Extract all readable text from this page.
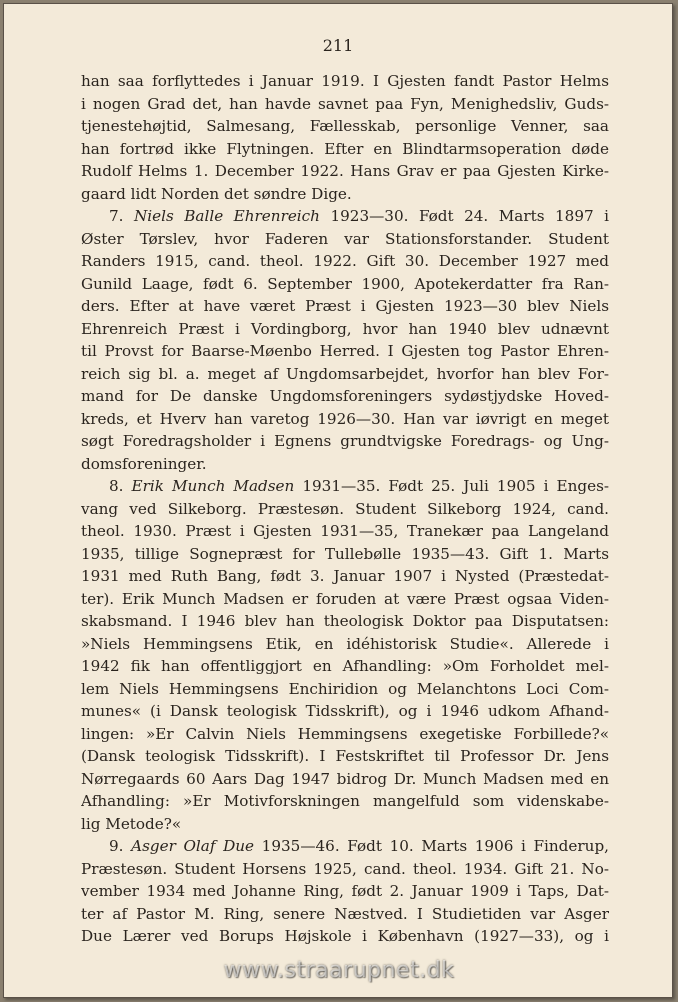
211
han saa forflyttedes i Januar 1919. I Gjesten fandt Pastor Helms
i nogen Grad det, han havde savnet paa Fyn, Menighedsliv, Guds-
tjenestehøjtid, Salmesang, Fællesskab, personlige Venner, saa
han fortrød ikke Flytningen. Efter en Blindtarmsoperation døde
Rudolf Helms 1. December 1922. Hans Grav er paa Gjesten Kirke-
gaard lidt Norden det søndre Dige.
7. Niels Balle Ehrenreich 1923—30. Født 24. Marts 1897 i
Øster Tørslev, hvor Faderen var Stationsforstander. Student
Randers 1915, cand. theol. 1922. Gift 30. December 1927 med
Gunild Laage, født 6. September 1900, Apotekerdatter fra Ran-
ders. Efter at have været Præst i Gjesten 1923—30 blev Niels
Ehrenreich Præst i Vordingborg, hvor han 1940 blev udnævnt
til Provst for Baarse-Møenbo Herred. I Gjesten tog Pastor Ehren-
reich sig bl. a. meget af Ungdomsarbejdet, hvorfor han blev For-
mand for De danske Ungdomsforeningers sydøstjydske Hoved-
kreds, et Hverv han varetog 1926—30. Han var iøvrigt en meget
søgt Foredragsholder i Egnens grundtvigske Foredrags- og Ung-
domsforeninger.
8. Erik Munch Madsen 1931—35. Født 25. Juli 1905 i Enges-
vang ved Silkeborg. Præstesøn. Student Silkeborg 1924, cand.
theol. 1930. Præst i Gjesten 1931—35, Tranekær paa Langeland
1935, tillige Sognepræst for Tullebølle 1935—43. Gift 1. Marts
1931 med Ruth Bang, født 3. Januar 1907 i Nysted (Præstedat-
ter). Erik Munch Madsen er foruden at være Præst ogsaa Viden-
skabsmand. I 1946 blev han theologisk Doktor paa Disputatsen:
»Niels Hemmingsens Etik, en idéhistorisk Studie«. Allerede i
1942 fik han offentliggjort en Afhandling: »Om Forholdet mel-
lem Niels Hemmingsens Enchiridion og Melanchtons Loci Com-
munes« (i Dansk teologisk Tidsskrift), og i 1946 udkom Afhand-
lingen: »Er Calvin Niels Hemmingsens exegetiske Forbillede?«
(Dansk teologisk Tidsskrift). I Festskriftet til Professor Dr. Jens
Nørregaards 60 Aars Dag 1947 bidrog Dr. Munch Madsen med en
Afhandling: »Er Motivforskningen mangelfuld som videnskabe-
lig Metode?«
9. Asger Olaf Due 1935—46. Født 10. Marts 1906 i Finderup,
Præstesøn. Student Horsens 1925, cand. theol. 1934. Gift 21. No-
vember 1934 med Johanne Ring, født 2. Januar 1909 i Taps, Dat-
ter af Pastor M. Ring, senere Næstved. I Studietiden var Asger
Due Lærer ved Borups Højskole i København (1927—33), og i
www.straarupnet.dk
